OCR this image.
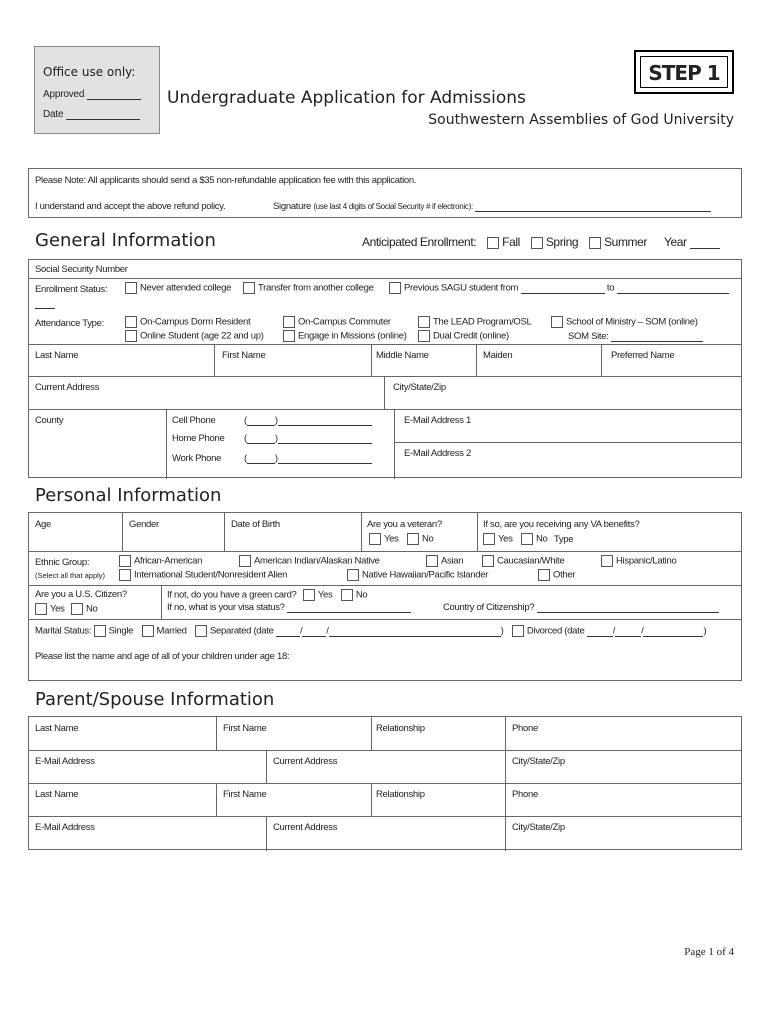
Office use only:
Approved
Date
Undergraduate Application for Admissions
Southwestern Assemblies of God University
STEP 1
Please Note: All applicants should send a $35 non-refundable application fee with this application.
I understand and accept the above refund policy.	Signature (use last 4 digits of Social Security # if electronic):
General Information	Anticipated Enrollment: Fall Spring Summer Year
Social Security Number
Enrollment Status:	Never attended college	Transfer from another college	Previous SAGU student from	to
Attendance Type:	On-Campus Dorm Resident
Online Student (age 22 and up)
On-Campus Commuter
Engage in Missions (online)
The LEAD Program/OSL
Dual Credit (online)
School of Ministry – SOM (online)
SOM Site:
Last Name	First Name	Middle Name	Maiden	Preferred Name
Current Address	City/State/Zip
County	Cell Phone	(	)
Home Phone (	)
Work Phone (	)
E-Mail Address 1
E-Mail Address 2
Personal Information
Age	Gender	Date of Birth	Are you a veteran?
Yes No
If so, are you receiving any VA benefits?
Yes No Type
Ethnic Group:
(Select all that apply)
African-American	American Indian/Alaskan Native	Asian	Caucasian/White	Hispanic/Latino
International Student/Nonresident Alien	Native Hawaiian/Pacific Islander	Other
Are you a U.S. Citizen?
Yes No
If not, do you have a green card? Yes No
If no, what is your visa status?	Country of Citizenship?
Marital Status: Single Married Separated (date	/	/	) Divorced (date	/	/	)
Please list the name and age of all of your children under age 18:
Parent/Spouse Information
Last Name	First Name	Relationship	Phone
E-Mail Address	Current Address	City/State/Zip
Last Name	First Name	Relationship	Phone
E-Mail Address	Current Address	City/State/Zip
Page 1 of 4
